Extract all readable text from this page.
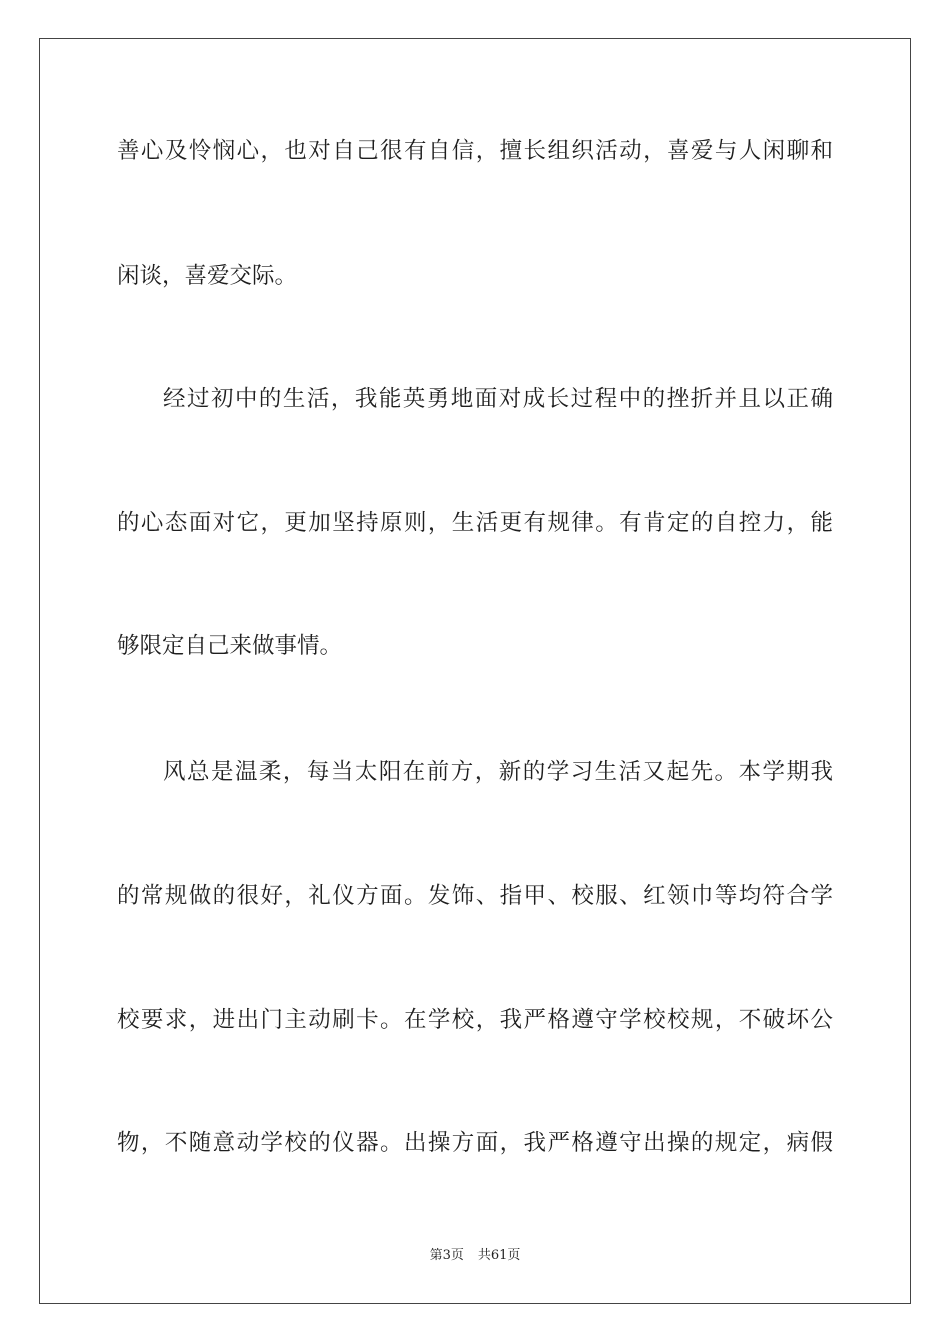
善心及怜悯心，也对自己很有自信，擅长组织活动，喜爱与人闲聊和

闲谈，喜爱交际。

经过初中的生活，我能英勇地面对成长过程中的挫折并且以正确

的心态面对它，更加坚持原则，生活更有规律。有肯定的自控力，能

够限定自己来做事情。

风总是温柔，每当太阳在前方，新的学习生活又起先。本学期我

的常规做的很好，礼仪方面。发饰、指甲、校服、红领巾等均符合学

校要求，进出门主动刷卡。在学校，我严格遵守学校校规，不破坏公

物，不随意动学校的仪器。出操方面，我严格遵守出操的规定，病假

第3页 共61页
